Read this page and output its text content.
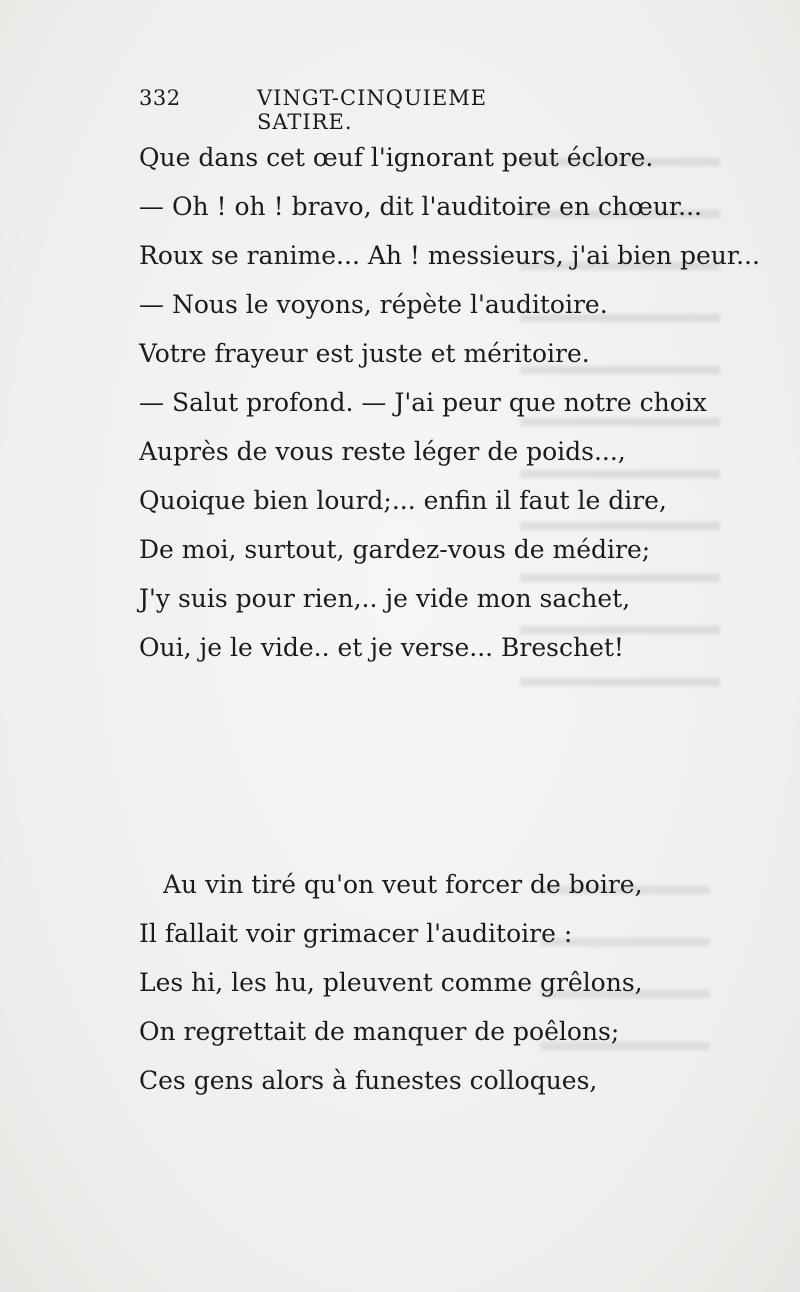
332	VINGT-CINQUIEME SATIRE.
Que dans cet œuf l'ignorant peut éclore.
— Oh ! oh ! bravo, dit l'auditoire en chœur...
Roux se ranime... Ah ! messieurs, j'ai bien peur...
— Nous le voyons, répète l'auditoire.
Votre frayeur est juste et méritoire.
— Salut profond. — J'ai peur que notre choix
Auprès de vous reste léger de poids...,
Quoique bien lourd;... enfin il faut le dire,
De moi, surtout, gardez-vous de médire;
J'y suis pour rien,.. je vide mon sachet,
Oui, je le vide.. et je verse... Breschet!
Au vin tiré qu'on veut forcer de boire,
Il fallait voir grimacer l'auditoire :
Les hi, les hu, pleuvent comme grêlons,
On regrettait de manquer de poêlons;
Ces gens alors à funestes colloques,
